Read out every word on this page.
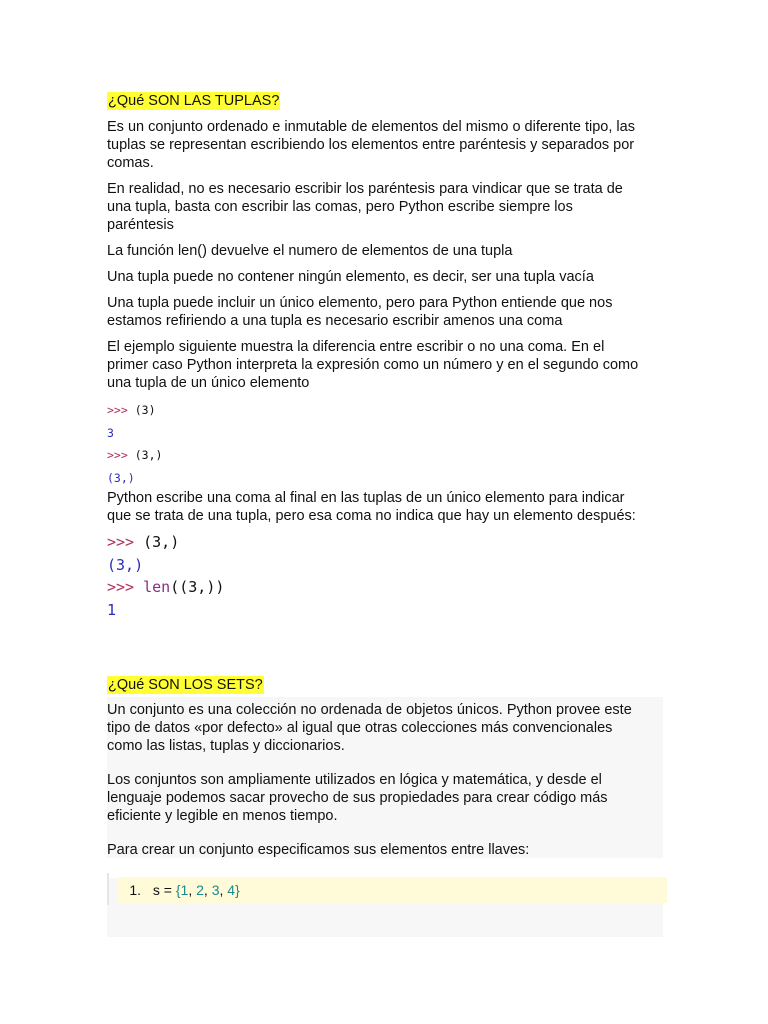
¿Qué SON LAS TUPLAS?

Es un conjunto ordenado e inmutable de elementos del mismo o diferente tipo, las
tuplas se representan escribiendo los elementos entre paréntesis y separados por
comas.

En realidad, no es necesario escribir los paréntesis para vindicar que se trata de
una tupla, basta con escribir las comas, pero Python escribe siempre los
paréntesis

La función len() devuelve el numero de elementos de una tupla

Una tupla puede no contener ningún elemento, es decir, ser una tupla vacía

Una tupla puede incluir un único elemento, pero para Python entiende que nos
estamos refiriendo a una tupla es necesario escribir amenos una coma

El ejemplo siguiente muestra la diferencia entre escribir o no una coma. En el
primer caso Python interpreta la expresión como un número y en el segundo como
una tupla de un único elemento

>>> (3)
3
>>> (3,)
(3,)

Python escribe una coma al final en las tuplas de un único elemento para indicar
que se trata de una tupla, pero esa coma no indica que hay un elemento después:

>>> (3,)
(3,)
>>> len((3,))
1
¿Qué SON LOS SETS?

Un conjunto es una colección no ordenada de objetos únicos. Python provee este
tipo de datos «por defecto» al igual que otras colecciones más convencionales
como las listas, tuplas y diccionarios.

Los conjuntos son ampliamente utilizados en lógica y matemática, y desde el
lenguaje podemos sacar provecho de sus propiedades para crear código más
eficiente y legible en menos tiempo.

Para crear un conjunto especificamos sus elementos entre llaves:

1. s = {1, 2, 3, 4}
